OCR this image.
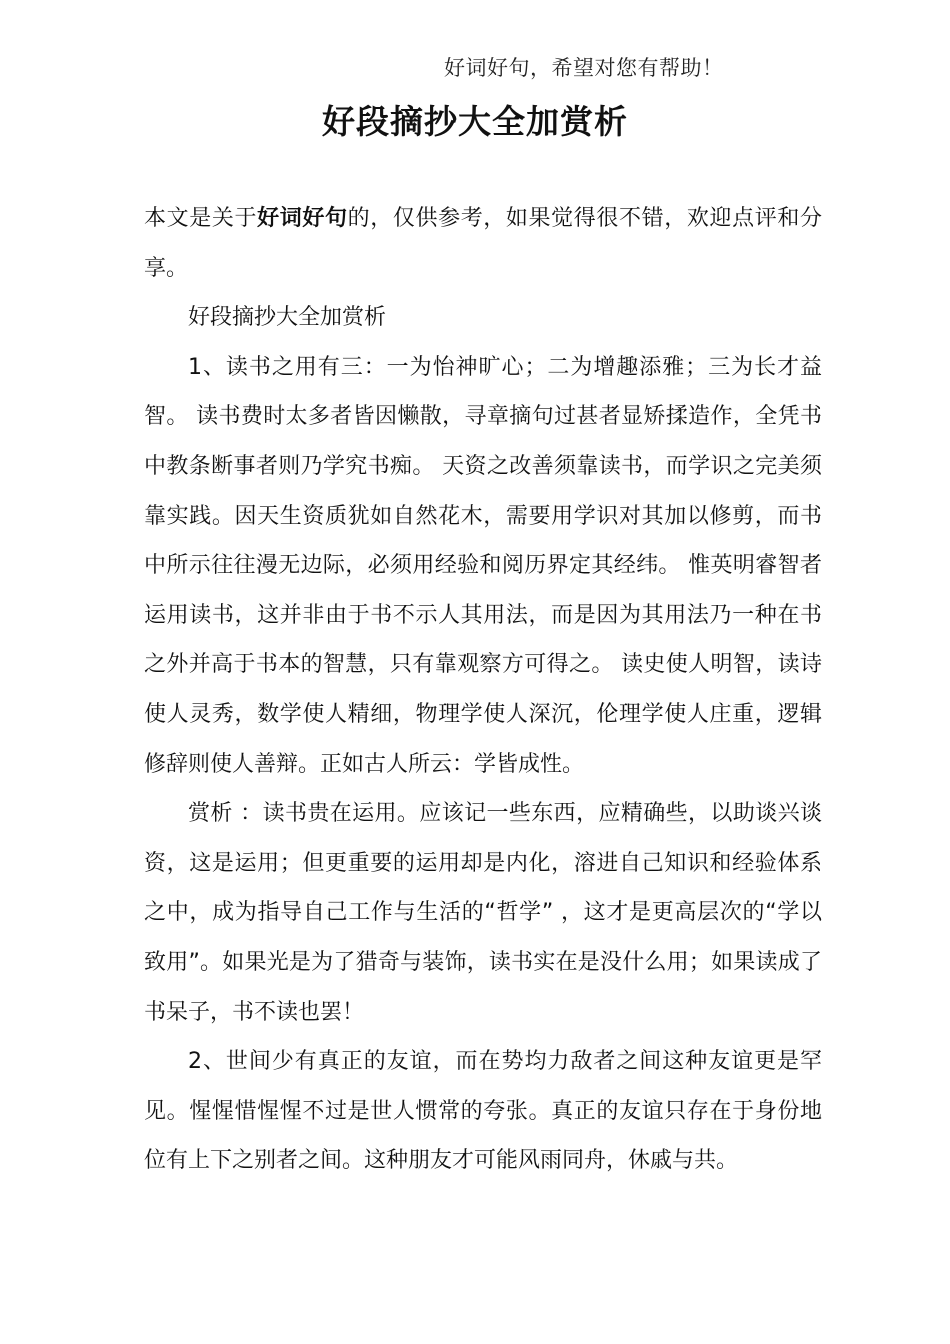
好词好句，希望对您有帮助！
好段摘抄大全加赏析

本文是关于好词好句的，仅供参考，如果觉得很不错，欢迎点评和分享。

好段摘抄大全加赏析

1、读书之用有三：一为怡神旷心；二为增趣添雅；三为长才益智。 读书费时太多者皆因懒散，寻章摘句过甚者显矫揉造作，全凭书中教条断事者则乃学究书痴。 天资之改善须靠读书，而学识之完美须靠实践。因天生资质犹如自然花木，需要用学识对其加以修剪，而书中所示往往漫无边际，必须用经验和阅历界定其经纬。 惟英明睿智者运用读书，这并非由于书不示人其用法，而是因为其用法乃一种在书之外并高于书本的智慧，只有靠观察方可得之。 读史使人明智，读诗使人灵秀，数学使人精细，物理学使人深沉，伦理学使人庄重，逻辑修辞则使人善辩。正如古人所云：学皆成性。

赏析 ：读书贵在运用。应该记一些东西，应精确些，以助谈兴谈资，这是运用；但更重要的运用却是内化，溶进自己知识和经验体系之中，成为指导自己工作与生活的“哲学” ，这才是更高层次的“学以致用”。如果光是为了猎奇与装饰，读书实在是没什么用；如果读成了书呆子，书不读也罢！

2、世间少有真正的友谊，而在势均力敌者之间这种友谊更是罕见。惺惺惜惺惺不过是世人惯常的夸张。真正的友谊只存在于身份地位有上下之别者之间。这种朋友才可能风雨同舟，休戚与共。
